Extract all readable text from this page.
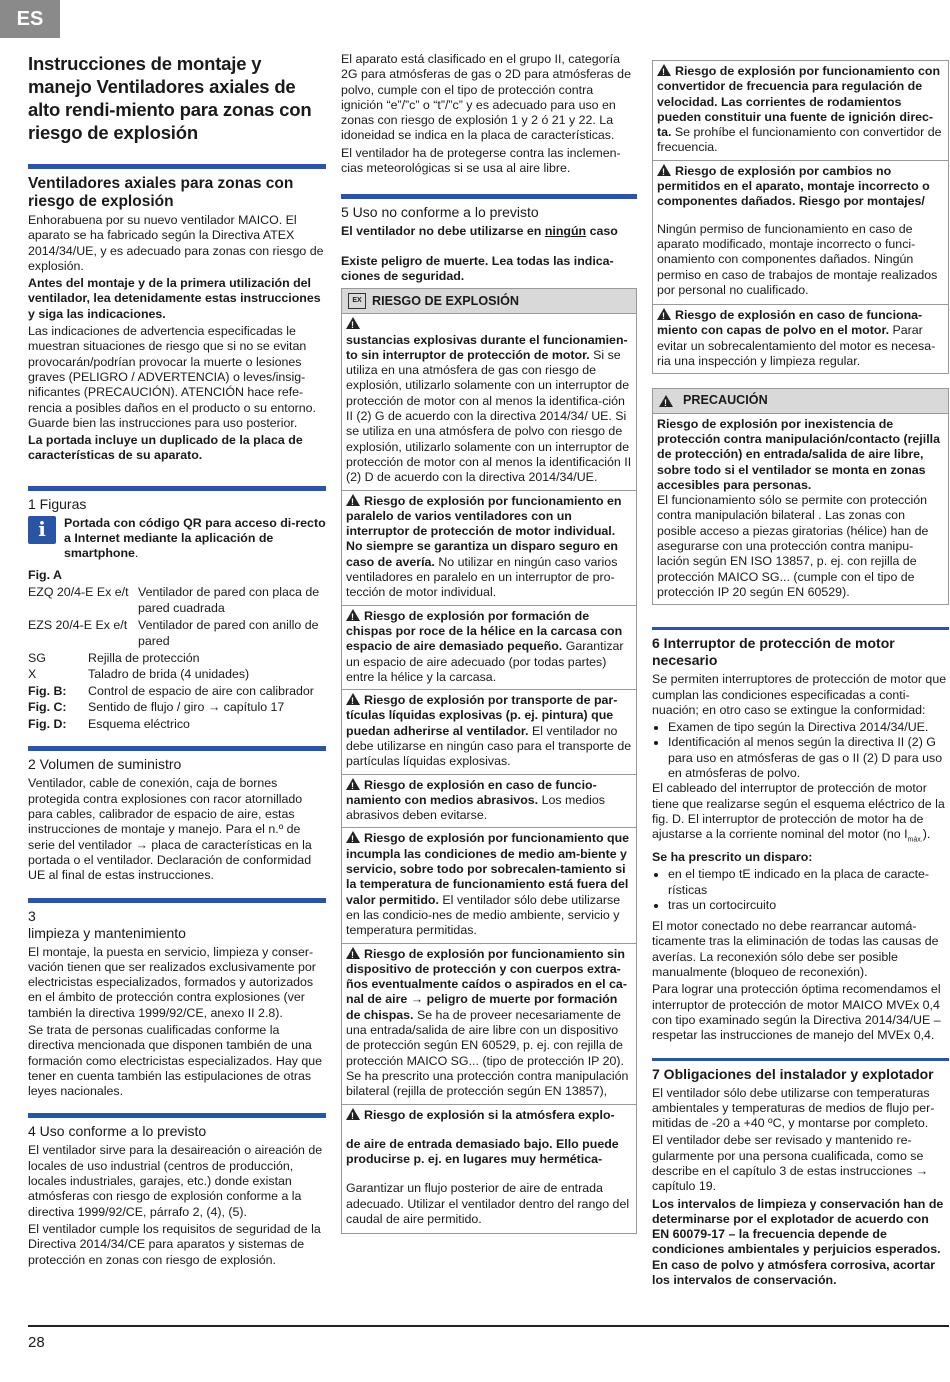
ES
Instrucciones de montaje y manejo Ventiladores axiales de alto rendi-miento para zonas con riesgo de explosión
Ventiladores axiales para zonas con riesgo de explosión

Enhorabuena por su nuevo ventilador MAICO. El aparato se ha fabricado según la Directiva ATEX 2014/34/UE, y es adecuado para zonas con riesgo de explosión.

Antes del montaje y de la primera utilización del ventilador, lea detenidamente estas instrucciones y siga las indicaciones.

Las indicaciones de advertencia especificadas le muestran situaciones de riesgo que si no se evitan provocarán/podrían provocar la muerte o lesiones graves (PELIGRO / ADVERTENCIA) o leves/insig-nificantes (PRECAUCIÓN). ATENCIÓN hace refe-rencia a posibles daños en el producto o su entorno. Guarde bien las instrucciones para uso posterior.

La portada incluye un duplicado de la placa de características de su aparato.

1 Figuras
i	Portada con código QR para acceso di-recto a Internet mediante la aplicación de smartphone.

Fig. A

EZQ 20/4-E Ex e/t	Ventilador de pared con placa de pared cuadrada
EZS 20/4-E Ex e/t	Ventilador de pared con anillo de pared
SG	Rejilla de protección
X	Taladro de brida (4 unidades)
Fig. B:	Control de espacio de aire con calibrador
Fig. C:	Sentido de flujo / giro → capítulo 17
Fig. D:	Esquema eléctrico
2 Volumen de suministro

Ventilador, cable de conexión, caja de bornes protegida contra explosiones con racor atornillado para cables, calibrador de espacio de aire, estas instrucciones de montaje y manejo. Para el n.º de serie del ventilador → placa de características en la portada o el ventilador. Declaración de conformidad UE al final de estas instrucciones.

3
limpieza y mantenimiento

El montaje, la puesta en servicio, limpieza y conser-vación tienen que ser realizados exclusivamente por electricistas especializados, formados y autorizados en el ámbito de protección contra explosiones (ver también la directiva 1999/92/CE, anexo II 2.8).

Se trata de personas cualificadas conforme la directiva mencionada que disponen también de una formación como electricistas especializados. Hay que tener en cuenta también las estipulaciones de otras leyes nacionales.

4 Uso conforme a lo previsto

El ventilador sirve para la desaireación o aireación de locales de uso industrial (centros de producción, locales industriales, garajes, etc.) donde existan atmósferas con riesgo de explosión conforme a la directiva 1999/92/CE, párrafo 2, (4), (5).

El ventilador cumple los requisitos de seguridad de la Directiva 2014/34/CE para aparatos y sistemas de protección en zonas con riesgo de explosión.

El aparato está clasificado en el grupo II, categoría 2G para atmósferas de gas o 2D para atmósferas de polvo, cumple con el tipo de protección contra ignición “e”/”c” o “t”/”c” y es adecuado para uso en zonas con riesgo de explosión 1 y 2 ó 21 y 22. La idoneidad se indica en la placa de características.

El ventilador ha de protegerse contra las inclemen-cias meteorológicas si se usa al aire libre.

5 Uso no conforme a lo previsto

El ventilador no debe utilizarse en ningún caso

Existe peligro de muerte. Lea todas las indica-ciones de seguridad.

EX RIESGO DE EXPLOSIÓN
!
sustancias explosivas durante el funcionamien-to sin interruptor de protección de motor. Si se utiliza en una atmósfera de gas con riesgo de explosión, utilizarlo solamente con un interruptor de protección de motor con al menos la identifica-ción II (2) G de acuerdo con la directiva 2014/34/ UE. Si se utiliza en una atmósfera de polvo con riesgo de explosión, utilizarlo solamente con un interruptor de protección de motor con al menos la identificación II (2) D de acuerdo con la directiva 2014/34/UE.
!Riesgo de explosión por funcionamiento en paralelo de varios ventiladores con un interruptor de protección de motor individual. No siempre se garantiza un disparo seguro en caso de avería. No utilizar en ningún caso varios ventiladores en paralelo en un interruptor de pro-tección de motor individual.
!Riesgo de explosión por formación de chispas por roce de la hélice en la carcasa con espacio de aire demasiado pequeño. Garantizar un espacio de aire adecuado (por todas partes) entre la hélice y la carcasa.
!Riesgo de explosión por transporte de par-tículas líquidas explosivas (p. ej. pintura) que puedan adherirse al ventilador. El ventilador no debe utilizarse en ningún caso para el transporte de partículas líquidas explosivas.
!Riesgo de explosión en caso de funcio-namiento con medios abrasivos. Los medios abrasivos deben evitarse.
!Riesgo de explosión por funcionamiento que incumpla las condiciones de medio am-biente y servicio, sobre todo por sobrecalen-tamiento si la temperatura de funcionamiento está fuera del valor permitido. El ventilador sólo debe utilizarse en las condicio-nes de medio ambiente, servicio y temperatura permitidas.
!Riesgo de explosión por funcionamiento sin dispositivo de protección y con cuerpos extra-ños eventualmente caídos o aspirados en el ca-nal de aire → peligro de muerte por formación de chispas. Se ha de proveer necesariamente de una entrada/salida de aire libre con un dispositivo de protección según EN 60529, p. ej. con rejilla de protección MAICO SG... (tipo de protección IP 20). Se ha prescrito una protección contra manipulación bilateral (rejilla de protección según EN 13857),
!Riesgo de explosión si la atmósfera explo-

de aire de entrada demasiado bajo. Ello puede producirse p. ej. en lugares muy hermética-

Garantizar un flujo posterior de aire de entrada adecuado. Utilizar el ventilador dentro del rango del caudal de aire permitido.

!Riesgo de explosión por funcionamiento con convertidor de frecuencia para regulación de velocidad. Las corrientes de rodamientos pueden constituir una fuente de ignición direc-ta. Se prohíbe el funcionamiento con convertidor de frecuencia.
!Riesgo de explosión por cambios no permitidos en el aparato, montaje incorrecto o componentes dañados. Riesgo por montajes/

Ningún permiso de funcionamiento en caso de aparato modificado, montaje incorrecto o funci-onamiento con componentes dañados. Ningún permiso en caso de trabajos de montaje realizados por personal no cualificado.

!Riesgo de explosión en caso de funciona-miento con capas de polvo en el motor. Parar evitar un sobrecalentamiento del motor es necesa-ria una inspección y limpieza regular.
!
PRECAUCIÓN
Riesgo de explosión por inexistencia de protección contra manipulación/contacto (rejilla de protección) en entrada/salida de aire libre, sobre todo si el ventilador se monta en zonas accesibles para personas.
El funcionamiento sólo se permite con protección contra manipulación bilateral . Las zonas con posible acceso a piezas giratorias (hélice) han de asegurarse con una protección contra manipu-lación según EN ISO 13857, p. ej. con rejilla de protección MAICO SG... (cumple con el tipo de protección IP 20 según EN 60529).
6 Interruptor de protección de motor necesario

Se permiten interruptores de protección de motor que cumplan las condiciones especificadas a conti-nuación; en otro caso se extingue la conformidad:

• Examen de tipo según la Directiva 2014/34/UE.
• Identificación al menos según la directiva II (2) G para uso en atmósferas de gas o II (2) D para uso en atmósferas de polvo.

El cableado del interruptor de protección de motor tiene que realizarse según el esquema eléctrico de la fig. D. El interruptor de protección de motor ha de ajustarse a la corriente nominal del motor (no $I_{máx.}$).

Se ha prescrito un disparo:

• en el tiempo tE indicado en la placa de caracte-rísticas
• tras un cortocircuito

El motor conectado no debe rearrancar automá-ticamente tras la eliminación de todas las causas de averías. La reconexión sólo debe ser posible manualmente (bloqueo de reconexión).

Para lograr una protección óptima recomendamos el interruptor de protección de motor MAICO MVEx 0,4 con tipo examinado según la Directiva 2014/34/UE – respetar las instrucciones de manejo del MVEx 0,4.

7 Obligaciones del instalador y explotador

El ventilador sólo debe utilizarse con temperaturas ambientales y temperaturas de medios de flujo per-mitidas de -20 a +40 ºC, y montarse por completo.

El ventilador debe ser revisado y mantenido re-gularmente por una persona cualificada, como se describe en el capítulo 3 de estas instrucciones → capítulo 19.

Los intervalos de limpieza y conservación han de determinarse por el explotador de acuerdo con EN 60079-17 – la frecuencia depende de condiciones ambientales y perjuicios esperados. En caso de polvo y atmósfera corrosiva, acortar los intervalos de conservación.

28
